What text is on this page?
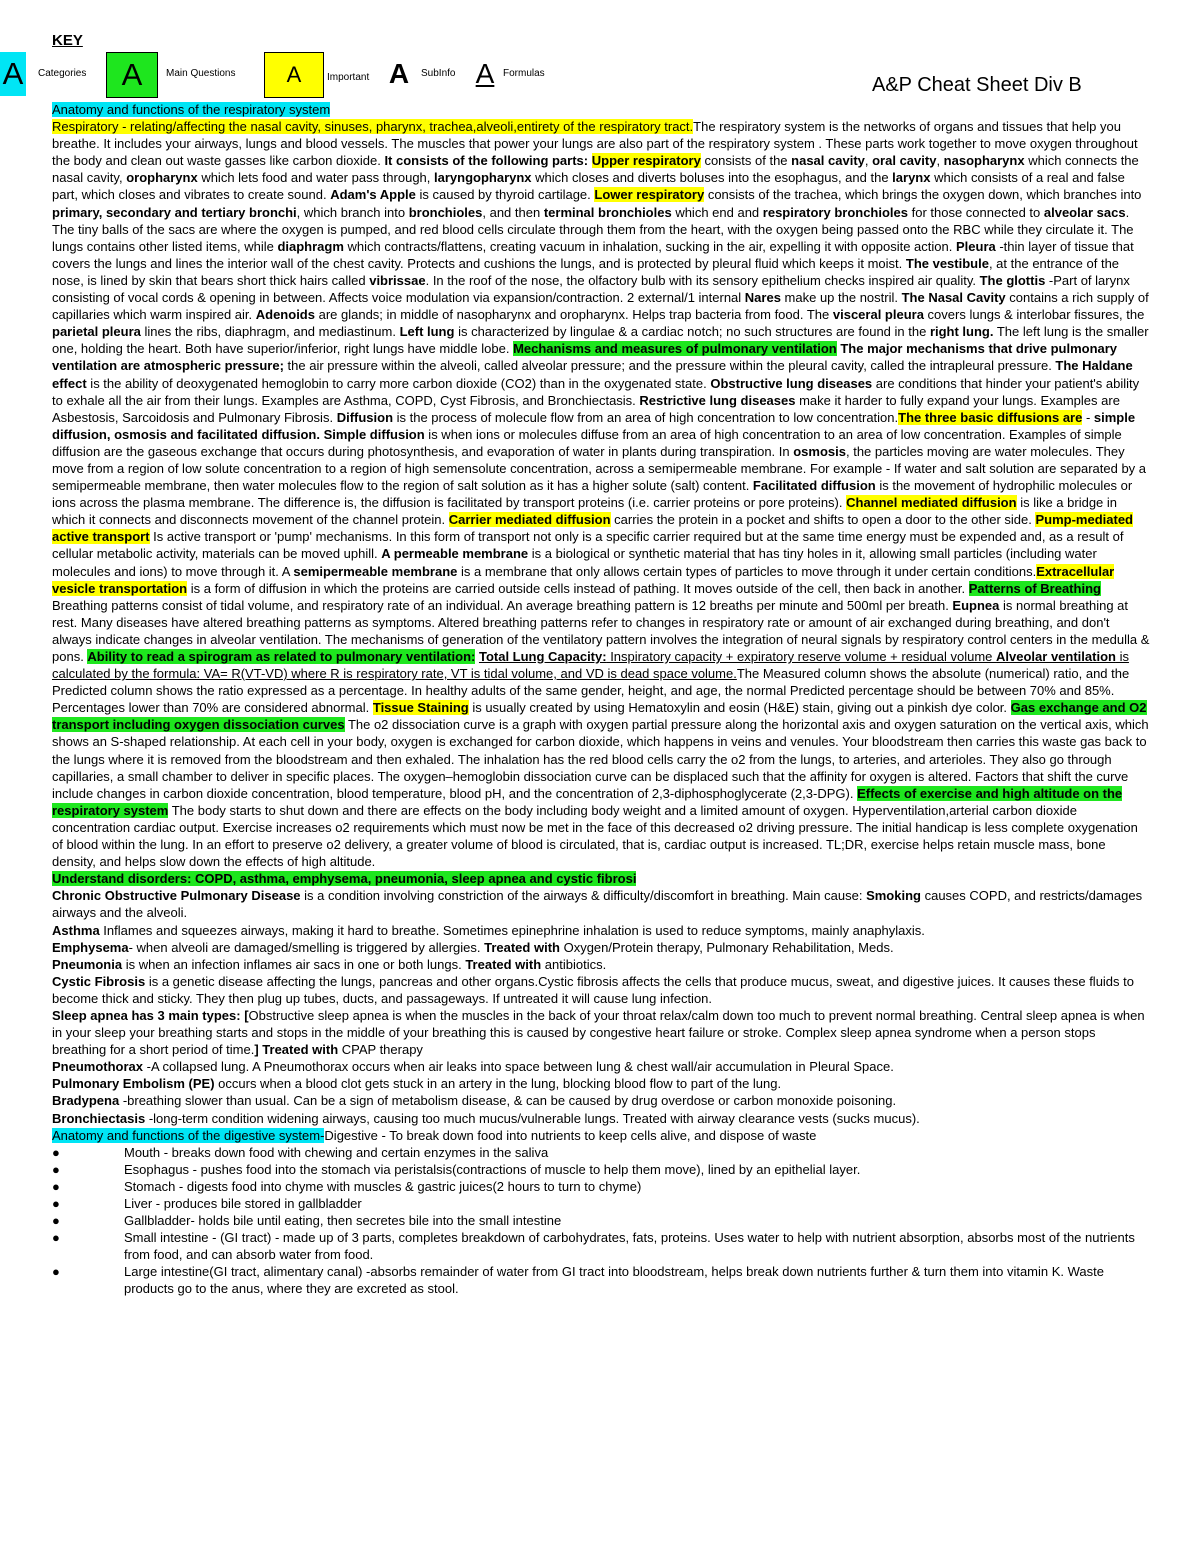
KEY
A Categories	A	Main Questions	A	Important A	SubInfo A Formulas
A&P Cheat Sheet Div B

Anatomy and functions of the respiratory system
Respiratory - relating/affecting the nasal cavity, sinuses, pharynx, trachea,alveoli,entirety of the respiratory tract.The respiratory system is the networks of organs and tissues that help you breathe. It includes your airways, lungs and blood vessels. The muscles that power your lungs are also part of the respiratory system . These parts work together to move oxygen throughout the body and clean out waste gasses like carbon dioxide. It consists of the following parts: Upper respiratory consists of the nasal cavity, oral cavity, nasopharynx which connects the nasal cavity, oropharynx which lets food and water pass through, laryngopharynx which closes and diverts boluses into the esophagus, and the larynx which consists of a real and false part, which closes and vibrates to create sound. Adam's Apple is caused by thyroid cartilage. Lower respiratory consists of the trachea, which brings the oxygen down, which branches into primary, secondary and tertiary bronchi, which branch into bronchioles, and then terminal bronchioles which end and respiratory bronchioles for those connected to alveolar sacs. The tiny balls of the sacs are where the oxygen is pumped, and red blood cells circulate through them from the heart, with the oxygen being passed onto the RBC while they circulate it. The lungs contains other listed items, while diaphragm which contracts/flattens, creating vacuum in inhalation, sucking in the air, expelling it with opposite action. Pleura -thin layer of tissue that covers the lungs and lines the interior wall of the chest cavity. Protects and cushions the lungs, and is protected by pleural fluid which keeps it moist. The vestibule, at the entrance of the nose, is lined by skin that bears short thick hairs called vibrissae. In the roof of the nose, the olfactory bulb with its sensory epithelium checks inspired air quality. The glottis -Part of larynx consisting of vocal cords & opening in between. Affects voice modulation via expansion/contraction. 2 external/1 internal Nares make up the nostril. The Nasal Cavity contains a rich supply of capillaries which warm inspired air. Adenoids are glands; in middle of nasopharynx and oropharynx. Helps trap bacteria from food. The visceral pleura covers lungs & interlobar fissures, the parietal pleura lines the ribs, diaphragm, and mediastinum. Left lung is characterized by lingulae & a cardiac notch; no such structures are found in the right lung. The left lung is the smaller one, holding the heart. Both have superior/inferior, right lungs have middle lobe. Mechanisms and measures of pulmonary ventilation The major mechanisms that drive pulmonary ventilation are atmospheric pressure; the air pressure within the alveoli, called alveolar pressure; and the pressure within the pleural cavity, called the intrapleural pressure. The Haldane effect is the ability of deoxygenated hemoglobin to carry more carbon dioxide (CO2) than in the oxygenated state. Obstructive lung diseases are conditions that hinder your patient's ability to exhale all the air from their lungs. Examples are Asthma, COPD, Cyst Fibrosis, and Bronchiectasis. Restrictive lung diseases make it harder to fully expand your lungs. Examples are Asbestosis, Sarcoidosis and Pulmonary Fibrosis. Diffusion is the process of molecule flow from an area of high concentration to low concentration.The three basic diffusions are - simple diffusion, osmosis and facilitated diffusion. Simple diffusion is when ions or molecules diffuse from an area of high concentration to an area of low concentration. Examples of simple diffusion are the gaseous exchange that occurs during photosynthesis, and evaporation of water in plants during transpiration. In osmosis, the particles moving are water molecules. They move from a region of low solute concentration to a region of high semensolute concentration, across a semipermeable membrane. For example - If water and salt solution are separated by a semipermeable membrane, then water molecules flow to the region of salt solution as it has a higher solute (salt) content. Facilitated diffusion is the movement of hydrophilic molecules or ions across the plasma membrane. The difference is, the diffusion is facilitated by transport proteins (i.e. carrier proteins or pore proteins). Channel mediated diffusion is like a bridge in which it connects and disconnects movement of the channel protein. Carrier mediated diffusion carries the protein in a pocket and shifts to open a door to the other side. Pump-mediated active transport Is active transport or 'pump' mechanisms. In this form of transport not only is a specific carrier required but at the same time energy must be expended and, as a result of cellular metabolic activity, materials can be moved uphill. A permeable membrane is a biological or synthetic material that has tiny holes in it, allowing small particles (including water molecules and ions) to move through it. A semipermeable membrane is a membrane that only allows certain types of particles to move through it under certain conditions.Extracellular vesicle transportation is a form of diffusion in which the proteins are carried outside cells instead of pathing. It moves outside of the cell, then back in another. Patterns of Breathing Breathing patterns consist of tidal volume, and respiratory rate of an individual. An average breathing pattern is 12 breaths per minute and 500ml per breath. Eupnea is normal breathing at rest. Many diseases have altered breathing patterns as symptoms. Altered breathing patterns refer to changes in respiratory rate or amount of air exchanged during breathing, and don't always indicate changes in alveolar ventilation. The mechanisms of generation of the ventilatory pattern involves the integration of neural signals by respiratory control centers in the medulla & pons. Ability to read a spirogram as related to pulmonary ventilation: Total Lung Capacity: Inspiratory capacity + expiratory reserve volume + residual volume Alveolar ventilation is calculated by the formula: VA= R(VT-VD) where R is respiratory rate, VT is tidal volume, and VD is dead space volume.The Measured column shows the absolute (numerical) ratio, and the Predicted column shows the ratio expressed as a percentage. In healthy adults of the same gender, height, and age, the normal Predicted percentage should be between 70% and 85%. Percentages lower than 70% are considered abnormal. Tissue Staining is usually created by using Hematoxylin and eosin (H&E) stain, giving out a pinkish dye color. Gas exchange and O2 transport including oxygen dissociation curves The o2 dissociation curve is a graph with oxygen partial pressure along the horizontal axis and oxygen saturation on the vertical axis, which shows an S-shaped relationship. At each cell in your body, oxygen is exchanged for carbon dioxide, which happens in veins and venules. Your bloodstream then carries this waste gas back to the lungs where it is removed from the bloodstream and then exhaled. The inhalation has the red blood cells carry the o2 from the lungs, to arteries, and arterioles. They also go through capillaries, a small chamber to deliver in specific places. The oxygen–hemoglobin dissociation curve can be displaced such that the affinity for oxygen is altered. Factors that shift the curve include changes in carbon dioxide concentration, blood temperature, blood pH, and the concentration of 2,3-diphosphoglycerate (2,3-DPG). Effects of exercise and high altitude on the respiratory system The body starts to shut down and there are effects on the body including body weight and a limited amount of oxygen. Hyperventilation,arterial carbon dioxide concentration cardiac output. Exercise increases o2 requirements which must now be met in the face of this decreased o2 driving pressure. The initial handicap is less complete oxygenation of blood within the lung. In an effort to preserve o2 delivery, a greater volume of blood is circulated, that is, cardiac output is increased. TL;DR, exercise helps retain muscle mass, bone density, and helps slow down the effects of high altitude.

Understand disorders: COPD, asthma, emphysema, pneumonia, sleep apnea and cystic fibrosi

Chronic Obstructive Pulmonary Disease is a condition involving constriction of the airways & difficulty/discomfort in breathing. Main cause: Smoking causes COPD, and restricts/damages airways and the alveoli.

Asthma Inflames and squeezes airways, making it hard to breathe. Sometimes epinephrine inhalation is used to reduce symptoms, mainly anaphylaxis.

Emphysema- when alveoli are damaged/smelling is triggered by allergies. Treated with Oxygen/Protein therapy, Pulmonary Rehabilitation, Meds.

Pneumonia is when an infection inflames air sacs in one or both lungs. Treated with antibiotics.

Cystic Fibrosis is a genetic disease affecting the lungs, pancreas and other organs.Cystic fibrosis affects the cells that produce mucus, sweat, and digestive juices. It causes these fluids to become thick and sticky. They then plug up tubes, ducts, and passageways. If untreated it will cause lung infection.

Sleep apnea has 3 main types: [Obstructive sleep apnea is when the muscles in the back of your throat relax/calm down too much to prevent normal breathing. Central sleep apnea is when in your sleep your breathing starts and stops in the middle of your breathing this is caused by congestive heart failure or stroke. Complex sleep apnea syndrome when a person stops breathing for a short period of time.] Treated with CPAP therapy

Pneumothorax -A collapsed lung. A Pneumothorax occurs when air leaks into space between lung & chest wall/air accumulation in Pleural Space.

Pulmonary Embolism (PE) occurs when a blood clot gets stuck in an artery in the lung, blocking blood flow to part of the lung.

Bradypena -breathing slower than usual. Can be a sign of metabolism disease, & can be caused by drug overdose or carbon monoxide poisoning.

Bronchiectasis -long-term condition widening airways, causing too much mucus/vulnerable lungs. Treated with airway clearance vests (sucks mucus).

Anatomy and functions of the digestive system-Digestive - To break down food into nutrients to keep cells alive, and dispose of waste

●	Mouth - breaks down food with chewing and certain enzymes in the saliva
●	Esophagus - pushes food into the stomach via peristalsis(contractions of muscle to help them move), lined by an epithelial layer.
●	Stomach - digests food into chyme with muscles & gastric juices(2 hours to turn to chyme)
●	Liver - produces bile stored in gallbladder
●	Gallbladder- holds bile until eating, then secretes bile into the small intestine
●	Small intestine - (GI tract) - made up of 3 parts, completes breakdown of carbohydrates, fats, proteins. Uses water to help with nutrient absorption, absorbs most of the nutrients from food, and can absorb water from food.
●	Large intestine(GI tract, alimentary canal) -absorbs remainder of water from GI tract into bloodstream, helps break down nutrients further & turn them into vitamin K. Waste products go to the anus, where they are excreted as stool.
